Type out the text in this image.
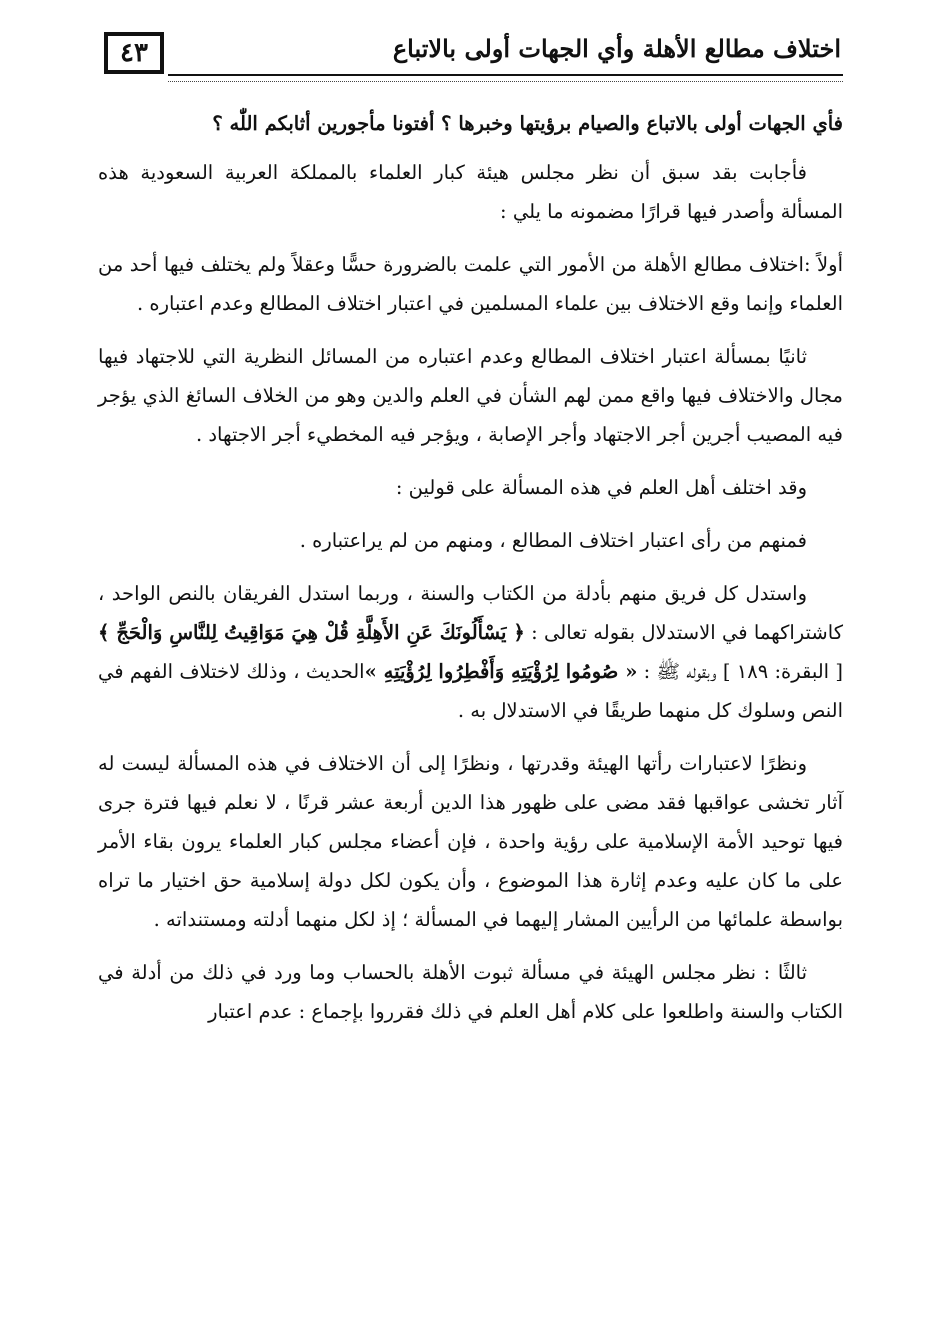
٤٣	اختلاف مطالع الأهلة وأي الجهات أولى بالاتباع

فأي الجهات أولى بالاتباع والصيام برؤيتها وخبرها ؟ أفتونا مأجورين أثابكم اللّٰه ؟

فأجابت بقد سبق أن نظر مجلس هيئة كبار العلماء بالمملكة العربية السعودية هذه المسألة وأصدر فيها قرارًا مضمونه ما يلي :

أولاً :اختلاف مطالع الأهلة من الأمور التي علمت بالضرورة حسًّا وعقلاً ولم يختلف فيها أحد من العلماء وإنما وقع الاختلاف بين علماء المسلمين في اعتبار اختلاف المطالع وعدم اعتباره .

ثانيًا بمسألة اعتبار اختلاف المطالع وعدم اعتباره من المسائل النظرية التي للاجتهاد فيها مجال والاختلاف فيها واقع ممن لهم الشأن في العلم والدين وهو من الخلاف السائغ الذي يؤجر فيه المصيب أجرين أجر الاجتهاد وأجر الإصابة ، ويؤجر فيه المخطيء أجر الاجتهاد .

وقد اختلف أهل العلم في هذه المسألة على قولين :

فمنهم من رأى اعتبار اختلاف المطالع ، ومنهم من لم يراعتباره .

واستدل كل فريق منهم بأدلة من الكتاب والسنة ، وربما استدل الفريقان بالنص الواحد ، كاشتراكهما في الاستدلال بقوله تعالى : ﴿ يَسْأَلُونَكَ عَنِ الأَهِلَّةِ قُلْ هِيَ مَوَاقِيتُ لِلنَّاسِ وَالْحَجِّ ﴾[ البقرة: ١٨٩ ] وبقوله ﷺ : « صُومُوا لِرُؤْيَتِهِ وَأَفْطِرُوا لِرُؤْيَتِهِ »الحديث ، وذلك لاختلاف الفهم في النص وسلوك كل منهما طريقًا في الاستدلال به .

ونظرًا لاعتبارات رأتها الهيئة وقدرتها ، ونظرًا إلى أن الاختلاف في هذه المسألة ليست له آثار تخشى عواقبها فقد مضى على ظهور هذا الدين أربعة عشر قرنًا ، لا نعلم فيها فترة جرى فيها توحيد الأمة الإسلامية على رؤية واحدة ، فإن أعضاء مجلس كبار العلماء يرون بقاء الأمر على ما كان عليه وعدم إثارة هذا الموضوع ، وأن يكون لكل دولة إسلامية حق اختيار ما تراه بواسطة علمائها من الرأيين المشار إليهما في المسألة ؛ إذ لكل منهما أدلته ومستنداته .

ثالثًا : نظر مجلس الهيئة في مسألة ثبوت الأهلة بالحساب وما ورد في ذلك من أدلة في الكتاب والسنة واطلعوا على كلام أهل العلم في ذلك فقرروا بإجماع : عدم اعتبار
